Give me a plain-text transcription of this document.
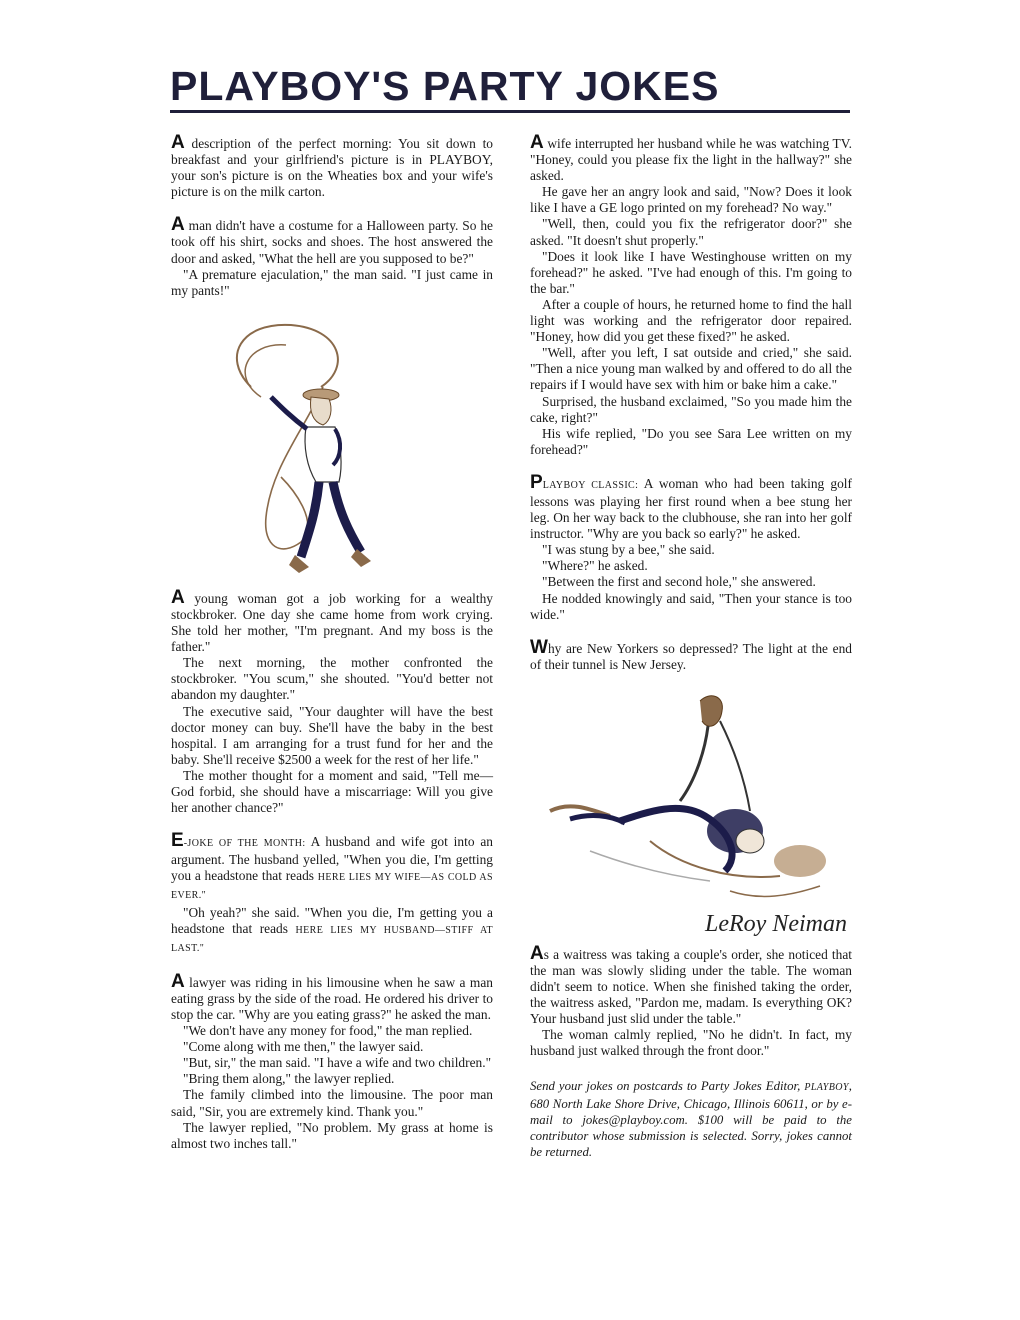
PLAYBOY'S PARTY JOKES

A description of the perfect morning: You sit down to breakfast and your girlfriend's picture is in PLAYBOY, your son's picture is on the Wheaties box and your wife's picture is on the milk carton.

A man didn't have a costume for a Halloween party. So he took off his shirt, socks and shoes. The host answered the door and asked, "What the hell are you supposed to be?"

"A premature ejaculation," the man said. "I just came in my pants!"

A young woman got a job working for a wealthy stockbroker. One day she came home from work crying. She told her mother, "I'm pregnant. And my boss is the father."

The next morning, the mother confronted the stockbroker. "You scum," she shouted. "You'd better not abandon my daughter."

The executive said, "Your daughter will have the best doctor money can buy. She'll have the baby in the best hospital. I am arranging for a trust fund for her and the baby. She'll receive $2500 a week for the rest of her life."

The mother thought for a moment and said, "Tell me—God forbid, she should have a miscarriage: Will you give her another chance?"

E-JOKE OF THE MONTH: A husband and wife got into an argument. The husband yelled, "When you die, I'm getting you a headstone that reads HERE LIES MY WIFE—AS COLD AS EVER."

"Oh yeah?" she said. "When you die, I'm getting you a headstone that reads HERE LIES MY HUSBAND—STIFF AT LAST."

A lawyer was riding in his limousine when he saw a man eating grass by the side of the road. He ordered his driver to stop the car. "Why are you eating grass?" he asked the man.

"We don't have any money for food," the man replied.

"Come along with me then," the lawyer said.

"But, sir," the man said. "I have a wife and two children."

"Bring them along," the lawyer replied.

The family climbed into the limousine. The poor man said, "Sir, you are extremely kind. Thank you."

The lawyer replied, "No problem. My grass at home is almost two inches tall."

A wife interrupted her husband while he was watching TV. "Honey, could you please fix the light in the hallway?" she asked.

He gave her an angry look and said, "Now? Does it look like I have a GE logo printed on my forehead? No way."

"Well, then, could you fix the refrigerator door?" she asked. "It doesn't shut properly."

"Does it look like I have Westinghouse written on my forehead?" he asked. "I've had enough of this. I'm going to the bar."

After a couple of hours, he returned home to find the hall light was working and the refrigerator door repaired. "Honey, how did you get these fixed?" he asked.

"Well, after you left, I sat outside and cried," she said. "Then a nice young man walked by and offered to do all the repairs if I would have sex with him or bake him a cake."

Surprised, the husband exclaimed, "So you made him the cake, right?"

His wife replied, "Do you see Sara Lee written on my forehead?"

PLAYBOY CLASSIC: A woman who had been taking golf lessons was playing her first round when a bee stung her leg. On her way back to the clubhouse, she ran into her golf instructor. "Why are you back so early?" he asked.

"I was stung by a bee," she said.

"Where?" he asked.

"Between the first and second hole," she answered.

He nodded knowingly and said, "Then your stance is too wide."

Why are New Yorkers so depressed? The light at the end of their tunnel is New Jersey.

LeRoy Neiman

As a waitress was taking a couple's order, she noticed that the man was slowly sliding under the table. The woman didn't seem to notice. When she finished taking the order, the waitress asked, "Pardon me, madam. Is everything OK? Your husband just slid under the table."

The woman calmly replied, "No he didn't. In fact, my husband just walked through the front door."

Send your jokes on postcards to Party Jokes Editor, PLAYBOY, 680 North Lake Shore Drive, Chicago, Illinois 60611, or by e-mail to jokes@playboy.com. $100 will be paid to the contributor whose submission is selected. Sorry, jokes cannot be returned.
